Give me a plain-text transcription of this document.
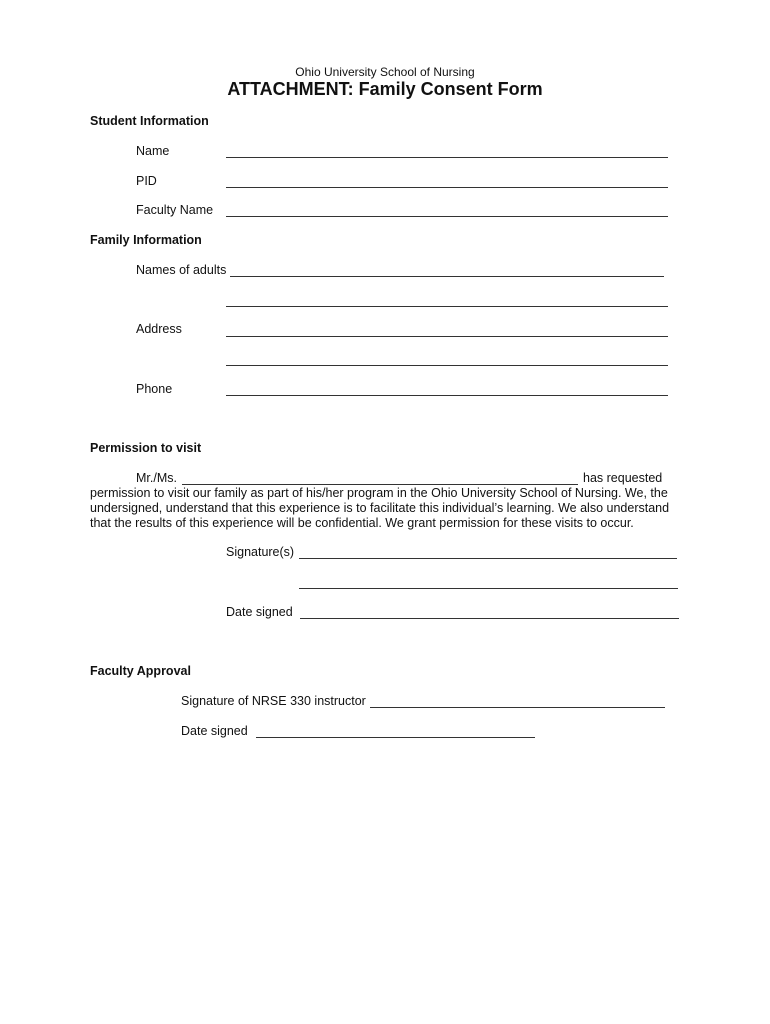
Ohio University School of Nursing
ATTACHMENT: Family Consent Form
Student Information
Name
PID
Faculty Name
Family Information
Names of adults
Address
Phone
Permission to visit
Mr./Ms.	has requested
permission to visit our family as part of his/her program in the Ohio University School of Nursing. We, the
undersigned, understand that this experience is to facilitate this individual’s learning. We also understand
that the results of this experience will be confidential. We grant permission for these visits to occur.
Signature(s)
Date signed
Faculty Approval
Signature of NRSE 330 instructor
Date signed
